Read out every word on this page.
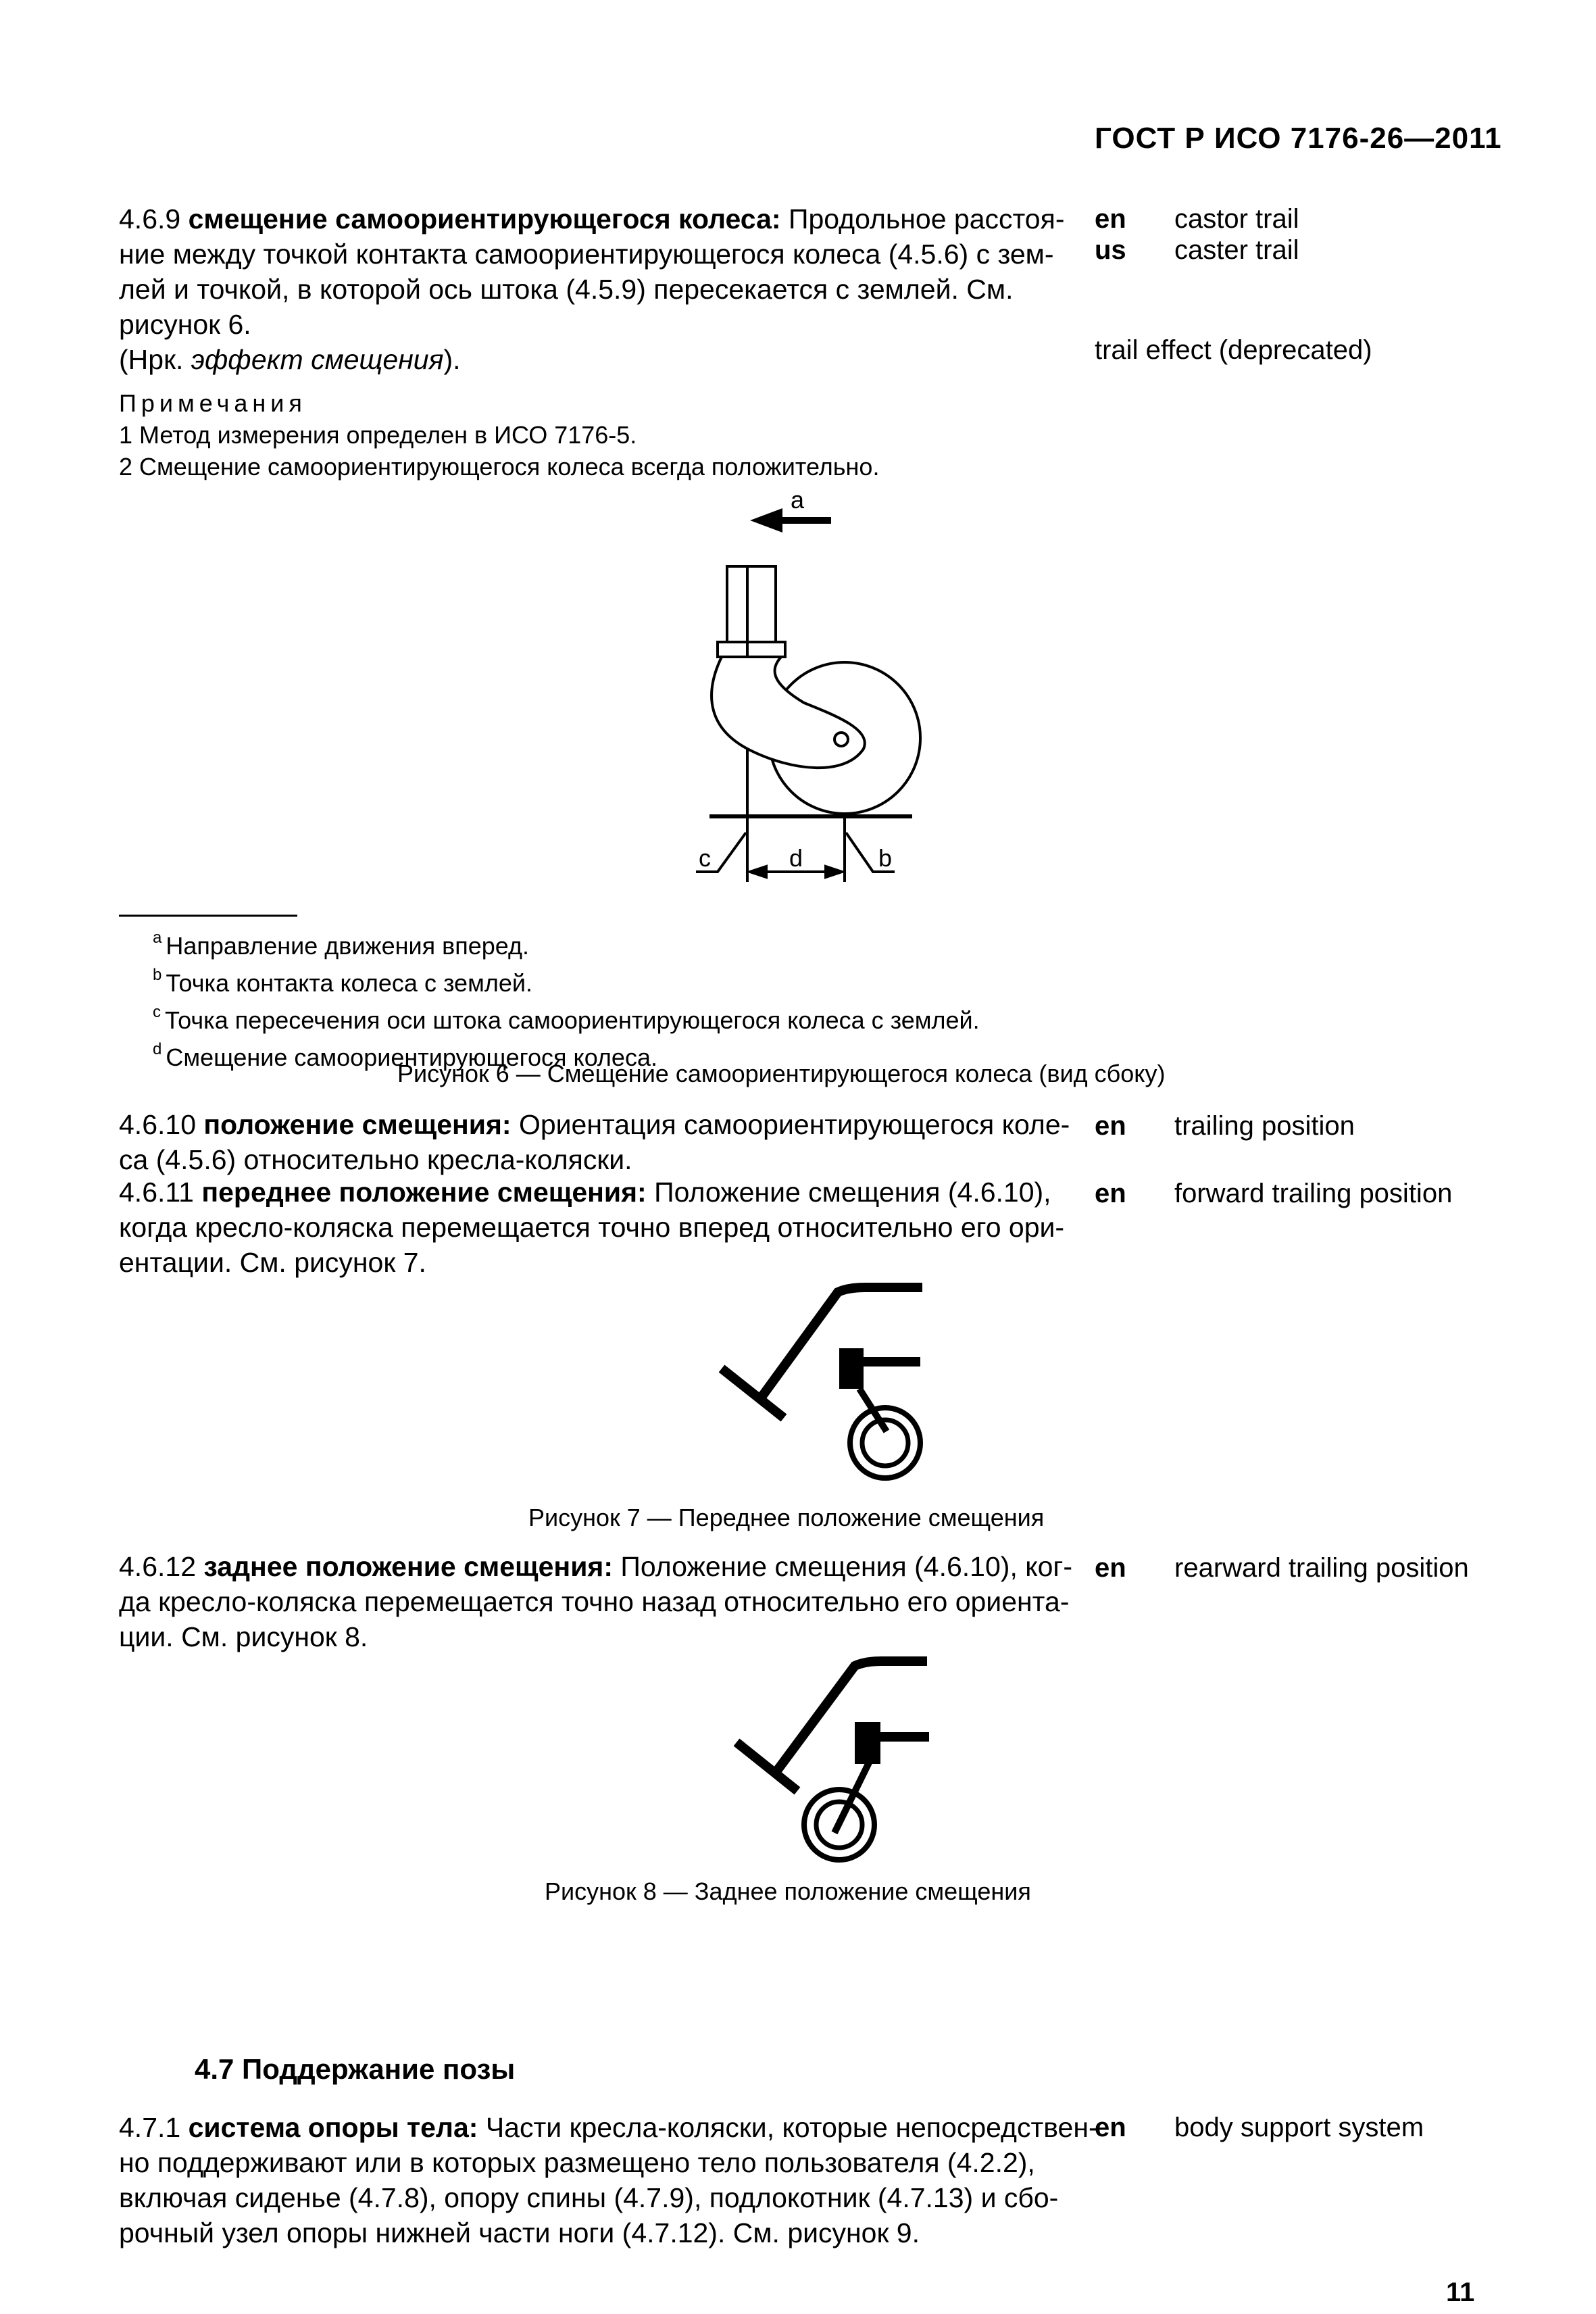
ГОСТ Р ИСО 7176-26—2011
4.6.9 смещение самоориентирующегося колеса: Продольное расстоя-
ние между точкой контакта самоориентирующегося колеса (4.5.6) с зем-
лей и точкой, в которой ось штока (4.5.9) пересекается с землей. См.
рисунок 6.
(Нрк. эффект смещения).
en castor trail
us caster trail
trail effect (deprecated)
Примечания
1 Метод измерения определен в ИСО 7176-5.
2 Смещение самоориентирующегося колеса всегда положительно.
a
c	d	b
$^a$ Направление движения вперед.
$^b$ Точка контакта колеса с землей.
$^c$ Точка пересечения оси штока самоориентирующегося колеса с землей.
$^d$ Смещение самоориентирующегося колеса.
Рисунок 6 — Смещение самоориентирующегося колеса (вид сбоку)
4.6.10 положение смещения: Ориентация самоориентирующегося коле-
са (4.5.6) относительно кресла-коляски.
en trailing position
4.6.11 переднее положение смещения: Положение смещения (4.6.10),
когда кресло-коляска перемещается точно вперед относительно его ори-
ентации. См. рисунок 7.
en forward trailing position
Рисунок 7 — Переднее положение смещения
4.6.12 заднее положение смещения: Положение смещения (4.6.10), ког-
да кресло-коляска перемещается точно назад относительно его ориента-
ции. См. рисунок 8.
en rearward trailing position
Рисунок 8 — Заднее положение смещения
4.7 Поддержание позы
4.7.1 система опоры тела: Части кресла-коляски, которые непосредствен-
но поддерживают или в которых размещено тело пользователя (4.2.2),
включая сиденье (4.7.8), опору спины (4.7.9), подлокотник (4.7.13) и сбо-
рочный узел опоры нижней части ноги (4.7.12). См. рисунок 9.
en body support system
11
